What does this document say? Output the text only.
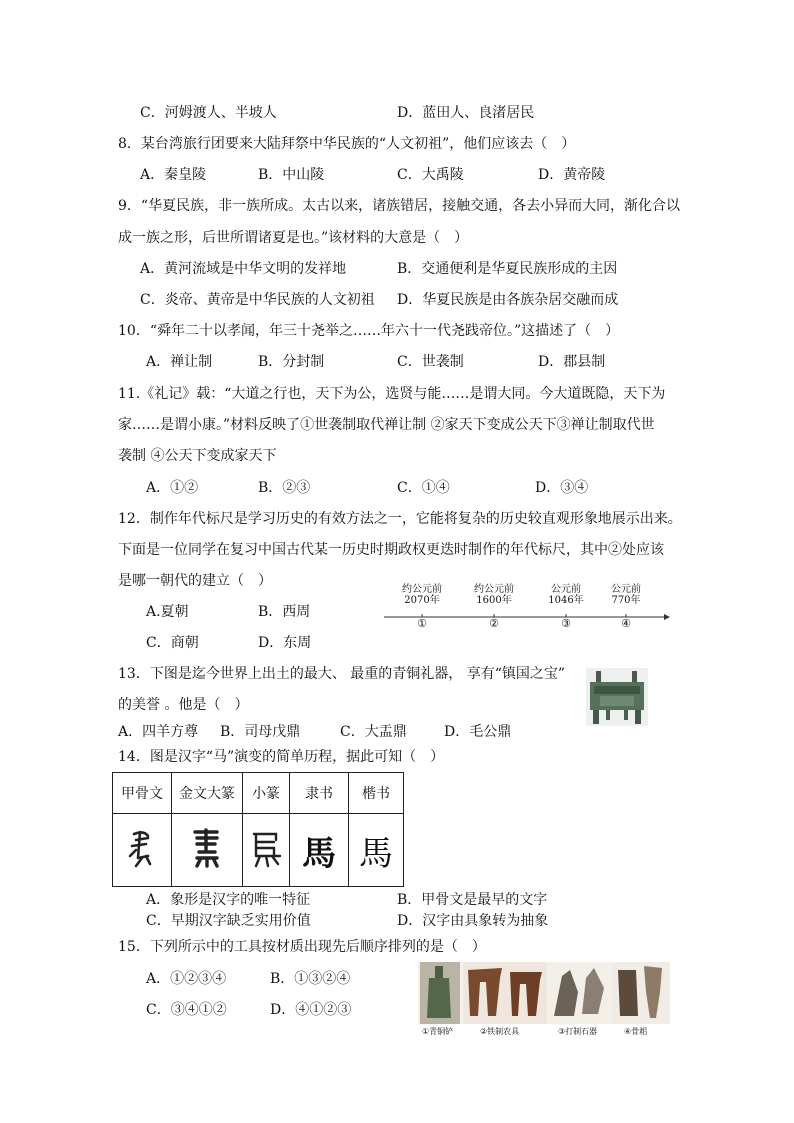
C．河姆渡人、半坡人	D．蓝田人、良渚居民
8．某台湾旅行团要来大陆拜祭中华民族的“人文初祖”，他们应该去（　）
A．秦皇陵	B．中山陵	C．大禹陵	D．黄帝陵
9．“华夏民族，非一族所成。太古以来，诸族错居，接触交通，各去小异而大同，渐化合以
成一族之形，后世所谓诸夏是也。”该材料的大意是（　）
A．黄河流域是中华文明的发祥地	B．交通便利是华夏民族形成的主因
C．炎帝、黄帝是中华民族的人文初祖 D．华夏民族是由各族杂居交融而成
10．“舜年二十以孝闻，年三十尧举之……年六十一代尧践帝位。”这描述了（　）
A．禅让制	B．分封制	C．世袭制	D．郡县制
11.《礼记》载：“大道之行也，天下为公，选贤与能……是谓大同。今大道既隐，天下为
家……是谓小康。”材料反映了①世袭制取代禅让制 ②家天下变成公天下③禅让制取代世
袭制 ④公天下变成家天下
A．①②	B．②③	C．①④	D．③④
12．制作年代标尺是学习历史的有效方法之一，它能将复杂的历史较直观形象地展示出来。
下面是一位同学在复习中国古代某一历史时期政权更迭时制作的年代标尺，其中②处应该
是哪一朝代的建立（　）
A.夏朝	B．西周
C．商朝	D．东周
约公元前
2070年
①
约公元前
1600年
②
公元前
1046年
③
公元前
770年
④
13．下图是迄今世界上出土的最大、 最重的青铜礼器， 享有“镇国之宝”
的美誉 。他是（　）
A．四羊方尊 B．司母戊鼎	C．大盂鼎	D．毛公鼎
14．图是汉字“马”演变的简单历程，据此可知（　）
甲骨文	金文大篆	小篆	隶书	楷书
			馬	馬
A．象形是汉字的唯一特征	B．甲骨文是最早的文字
C．早期汉字缺乏实用价值	D．汉字由具象转为抽象
15．下列所示中的工具按材质出现先后顺序排列的是（　）
A．①②③④	B．①③②④
C．③④①②	D．④①②③
①青铜铲	②铁制农具	③打制石器	④骨耜
